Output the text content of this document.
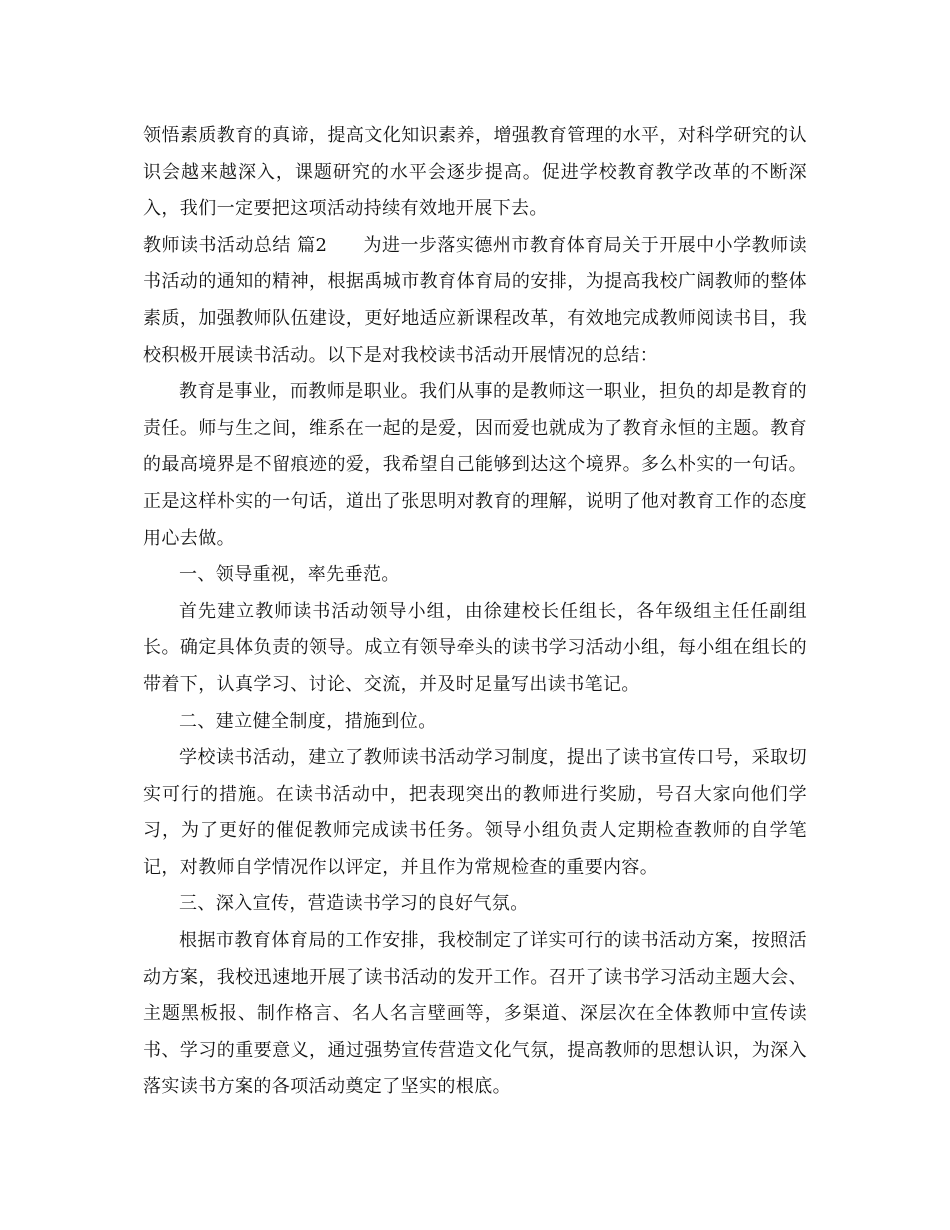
领悟素质教育的真谛，提高文化知识素养，增强教育管理的水平，对科学研究的认识会越来越深入，课题研究的水平会逐步提高。促进学校教育教学改革的不断深入，我们一定要把这项活动持续有效地开展下去。

教师读书活动总结 篇2 为进一步落实德州市教育体育局关于开展中小学教师读书活动的通知的精神，根据禹城市教育体育局的安排，为提高我校广阔教师的整体素质，加强教师队伍建设，更好地适应新课程改革，有效地完成教师阅读书目，我校积极开展读书活动。以下是对我校读书活动开展情况的总结：

教育是事业，而教师是职业。我们从事的是教师这一职业，担负的却是教育的责任。师与生之间，维系在一起的是爱，因而爱也就成为了教育永恒的主题。教育的最高境界是不留痕迹的爱，我希望自己能够到达这个境界。多么朴实的一句话。正是这样朴实的一句话，道出了张思明对教育的理解，说明了他对教育工作的态度用心去做。

一、领导重视，率先垂范。

首先建立教师读书活动领导小组，由徐建校长任组长，各年级组主任任副组长。确定具体负责的领导。成立有领导牵头的读书学习活动小组，每小组在组长的带着下，认真学习、讨论、交流，并及时足量写出读书笔记。

二、建立健全制度，措施到位。

学校读书活动，建立了教师读书活动学习制度，提出了读书宣传口号，采取切实可行的措施。在读书活动中，把表现突出的教师进行奖励，号召大家向他们学习，为了更好的催促教师完成读书任务。领导小组负责人定期检查教师的自学笔记，对教师自学情况作以评定，并且作为常规检查的重要内容。

三、深入宣传，营造读书学习的良好气氛。

根据市教育体育局的工作安排，我校制定了详实可行的读书活动方案，按照活动方案，我校迅速地开展了读书活动的发开工作。召开了读书学习活动主题大会、主题黑板报、制作格言、名人名言壁画等，多渠道、深层次在全体教师中宣传读书、学习的重要意义，通过强势宣传营造文化气氛，提高教师的思想认识，为深入落实读书方案的各项活动奠定了坚实的根底。
